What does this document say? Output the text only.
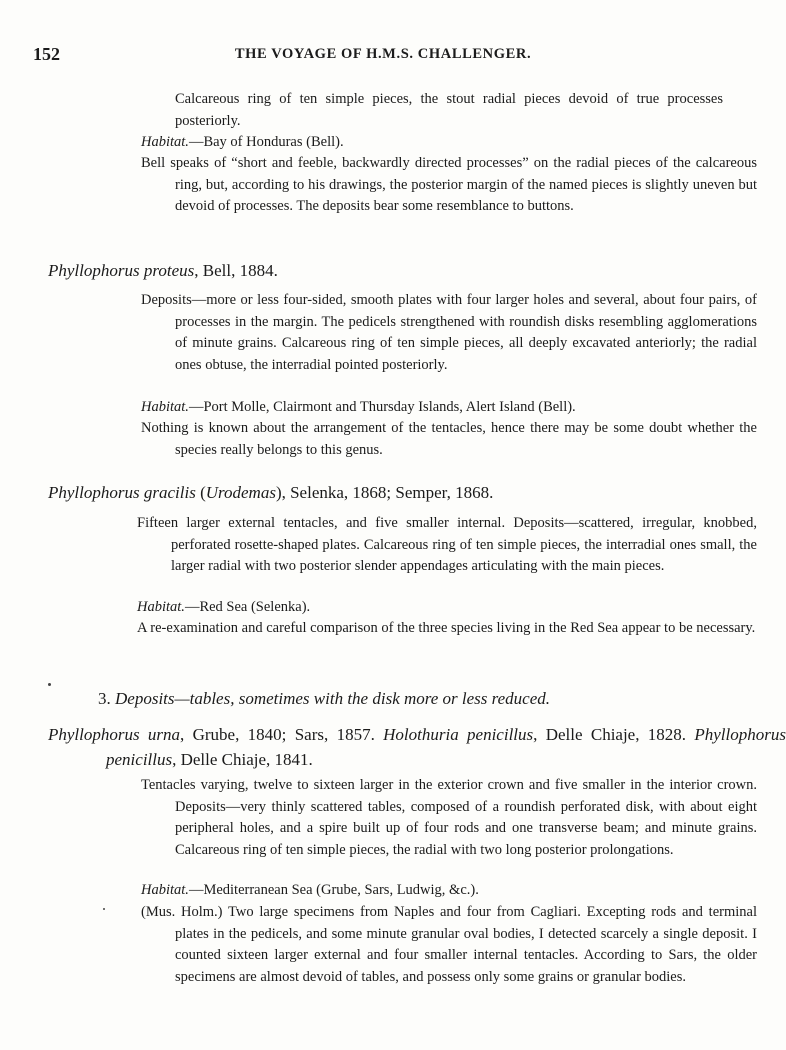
152	THE VOYAGE OF H.M.S. CHALLENGER.
Calcareous ring of ten simple pieces, the stout radial pieces devoid of true processes posteriorly.
Habitat.—Bay of Honduras (Bell).
Bell speaks of “short and feeble, backwardly directed processes” on the radial pieces of the calcareous ring, but, according to his drawings, the posterior margin of the named pieces is slightly uneven but devoid of processes. The deposits bear some resemblance to buttons.
Phyllophorus proteus, Bell, 1884.
Deposits—more or less four-sided, smooth plates with four larger holes and several, about four pairs, of processes in the margin. The pedicels strengthened with roundish disks resembling agglomerations of minute grains. Calcareous ring of ten simple pieces, all deeply excavated anteriorly; the radial ones obtuse, the interradial pointed posteriorly.
Habitat.—Port Molle, Clairmont and Thursday Islands, Alert Island (Bell).
Nothing is known about the arrangement of the tentacles, hence there may be some doubt whether the species really belongs to this genus.
Phyllophorus gracilis (Urodemas), Selenka, 1868; Semper, 1868.
Fifteen larger external tentacles, and five smaller internal. Deposits—scattered, irregular, knobbed, perforated rosette-shaped plates. Calcareous ring of ten simple pieces, the interradial ones small, the larger radial with two posterior slender appendages articulating with the main pieces.
Habitat.—Red Sea (Selenka).
A re-examination and careful comparison of the three species living in the Red Sea appear to be necessary.
3. Deposits—tables, sometimes with the disk more or less reduced.
Phyllophorus urna, Grube, 1840; Sars, 1857. Holothuria penicillus, Delle Chiaje, 1828. Phyllophorus penicillus, Delle Chiaje, 1841.
Tentacles varying, twelve to sixteen larger in the exterior crown and five smaller in the interior crown. Deposits—very thinly scattered tables, composed of a roundish perforated disk, with about eight peripheral holes, and a spire built up of four rods and one transverse beam; and minute grains. Calcareous ring of ten simple pieces, the radial with two long posterior prolongations.
Habitat.—Mediterranean Sea (Grube, Sars, Ludwig, &c.).
(Mus. Holm.) Two large specimens from Naples and four from Cagliari. Excepting rods and terminal plates in the pedicels, and some minute granular oval bodies, I detected scarcely a single deposit. I counted sixteen larger external and four smaller internal tentacles. According to Sars, the older specimens are almost devoid of tables, and possess only some grains or granular bodies.
